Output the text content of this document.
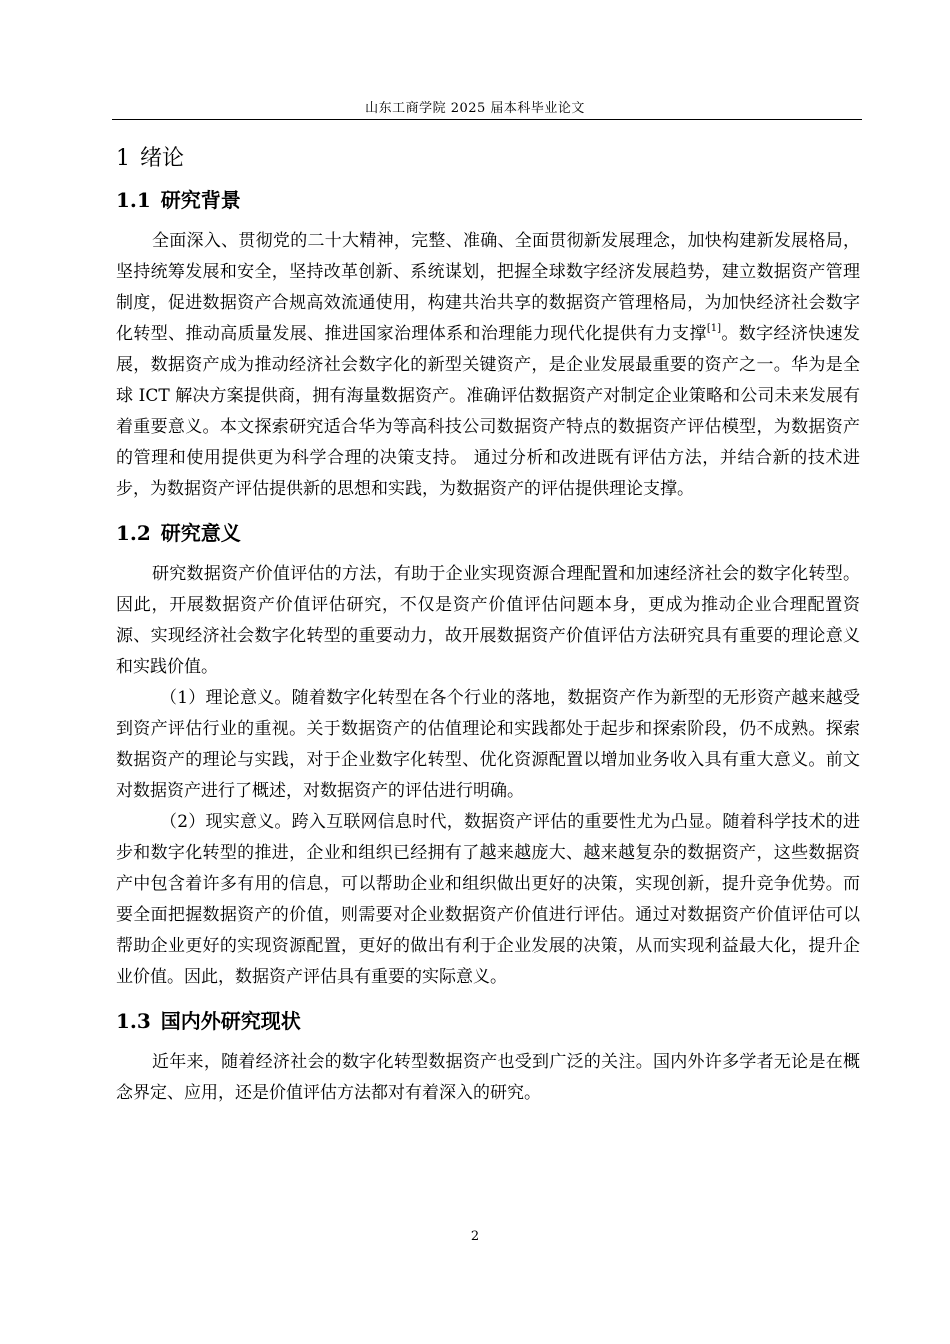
山东工商学院 2025 届本科毕业论文
1 绪论
1.1 研究背景

全面深入、贯彻党的二十大精神，完整、准确、全面贯彻新发展理念，加快构建新发展格局，坚持统筹发展和安全，坚持改革创新、系统谋划，把握全球数字经济发展趋势，建立数据资产管理制度，促进数据资产合规高效流通使用，构建共治共享的数据资产管理格局，为加快经济社会数字化转型、推动高质量发展、推进国家治理体系和治理能力现代化提供有力支撑[1]。数字经济快速发展，数据资产成为推动经济社会数字化的新型关键资产，是企业发展最重要的资产之一。华为是全球 ICT 解决方案提供商，拥有海量数据资产。准确评估数据资产对制定企业策略和公司未来发展有着重要意义。本文探索研究适合华为等高科技公司数据资产特点的数据资产评估模型，为数据资产的管理和使用提供更为科学合理的决策支持。 通过分析和改进既有评估方法，并结合新的技术进步，为数据资产评估提供新的思想和实践，为数据资产的评估提供理论支撑。

1.2 研究意义

研究数据资产价值评估的方法，有助于企业实现资源合理配置和加速经济社会的数字化转型。因此，开展数据资产价值评估研究，不仅是资产价值评估问题本身，更成为推动企业合理配置资源、实现经济社会数字化转型的重要动力，故开展数据资产价值评估方法研究具有重要的理论意义和实践价值。

（1）理论意义。随着数字化转型在各个行业的落地，数据资产作为新型的无形资产越来越受到资产评估行业的重视。关于数据资产的估值理论和实践都处于起步和探索阶段，仍不成熟。探索数据资产的理论与实践，对于企业数字化转型、优化资源配置以增加业务收入具有重大意义。前文对数据资产进行了概述，对数据资产的评估进行明确。

（2）现实意义。跨入互联网信息时代，数据资产评估的重要性尤为凸显。随着科学技术的进步和数字化转型的推进，企业和组织已经拥有了越来越庞大、越来越复杂的数据资产，这些数据资产中包含着许多有用的信息，可以帮助企业和组织做出更好的决策，实现创新，提升竞争优势。而要全面把握数据资产的价值，则需要对企业数据资产价值进行评估。通过对数据资产价值评估可以帮助企业更好的实现资源配置，更好的做出有利于企业发展的决策，从而实现利益最大化，提升企业价值。因此，数据资产评估具有重要的实际意义。

1.3 国内外研究现状

近年来，随着经济社会的数字化转型数据资产也受到广泛的关注。国内外许多学者无论是在概念界定、应用，还是价值评估方法都对有着深入的研究。

2
